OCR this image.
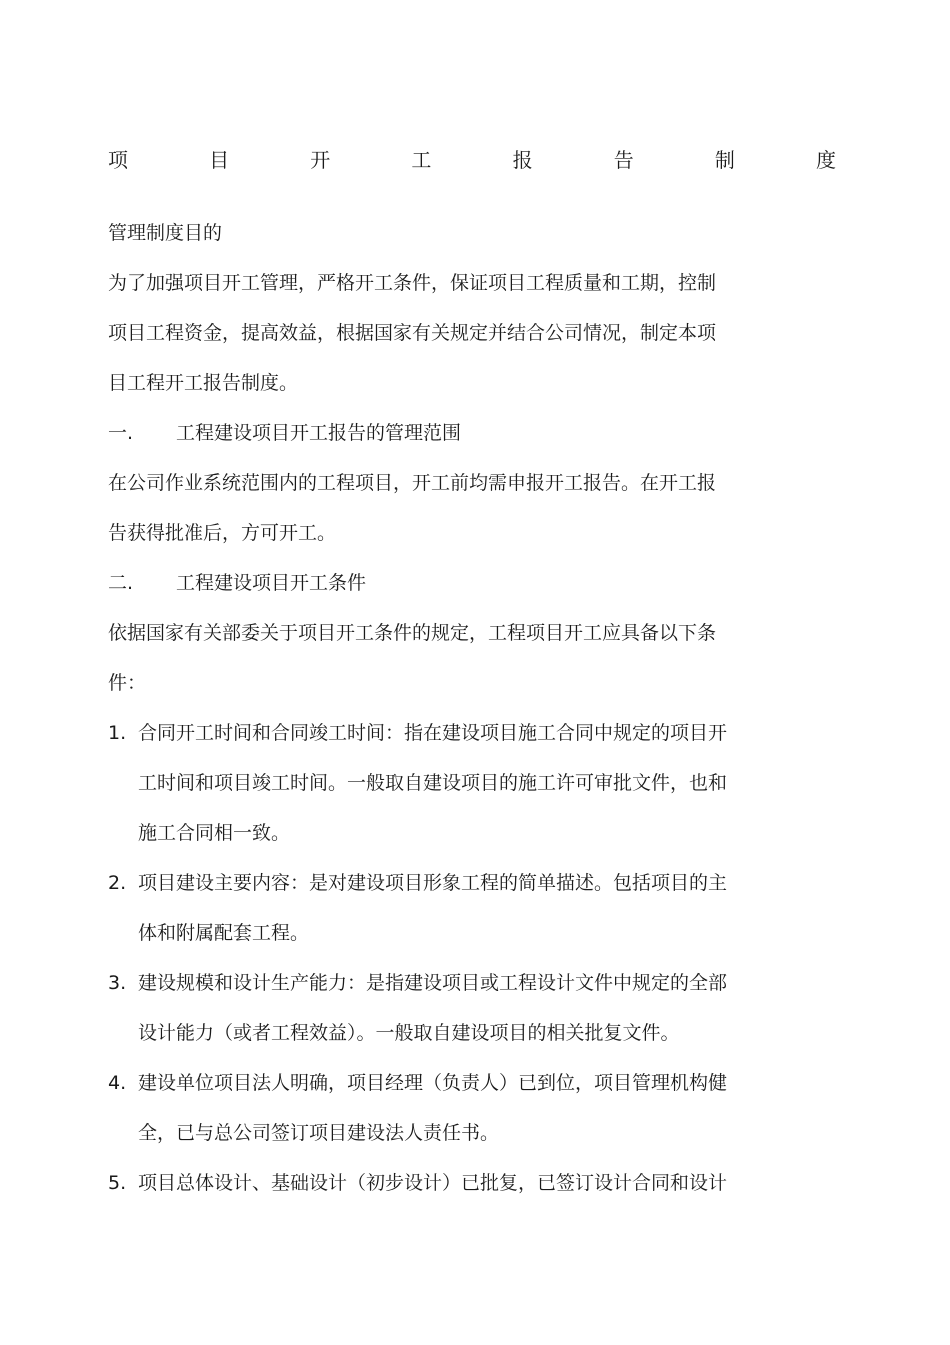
项	目	开	工	报	告	制	度
管理制度目的
为了加强项目开工管理，严格开工条件，保证项目工程质量和工期，控制
项目工程资金，提高效益，根据国家有关规定并结合公司情况，制定本项
目工程开工报告制度。
一. 工程建设项目开工报告的管理范围
在公司作业系统范围内的工程项目，开工前均需申报开工报告。在开工报
告获得批准后，方可开工。
二. 工程建设项目开工条件
依据国家有关部委关于项目开工条件的规定，工程项目开工应具备以下条
件：
1. 合同开工时间和合同竣工时间：指在建设项目施工合同中规定的项目开
工时间和项目竣工时间。一般取自建设项目的施工许可审批文件，也和
施工合同相一致。
2. 项目建设主要内容：是对建设项目形象工程的简单描述。包括项目的主
体和附属配套工程。
3. 建设规模和设计生产能力：是指建设项目或工程设计文件中规定的全部
设计能力（或者工程效益）。一般取自建设项目的相关批复文件。
4. 建设单位项目法人明确，项目经理（负责人）已到位，项目管理机构健
全，已与总公司签订项目建设法人责任书。
5. 项目总体设计、基础设计（初步设计）已批复，已签订设计合同和设计
